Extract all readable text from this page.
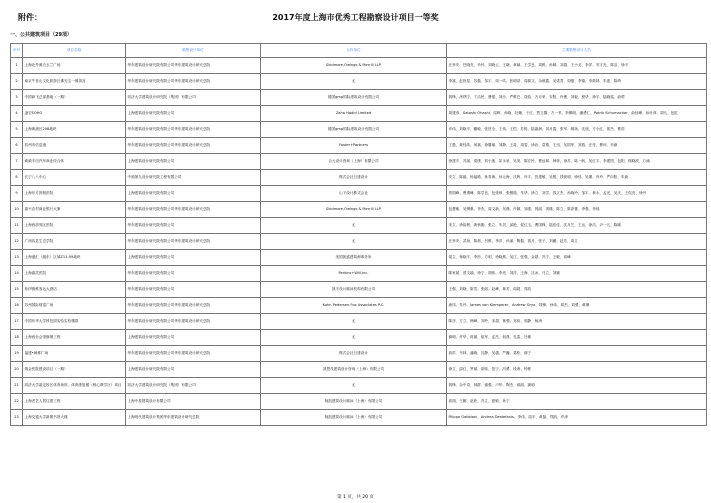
附件：	2017年度上海市优秀工程勘察设计项目一等奖
一、公共建筑项目（29项）
序号	项目名称	勘察设计单位	合作单位	主要勘察设计人员
1	上海北外滩白玉兰广场	华东建筑设计研究院有限公司华东建筑设计研究总院	Skidmore,Owings & Merrill LLP	汪孝安、任晓亮、肖怀、刘晓云、王晓、章赫、王学良、周锐、孙嫣、刘超、王小戈、李洋、安宇光、陈洁、徐平
2	南京牛首山文化旅游区佛光宝一佛顶宫	华东建筑设计研究院有限公司华东建筑设计研究总院	无	李斌、赵世星、苏磊、邹宇、周一鸣、张明泽、周源文、余琅霞、吴梁君、周强、李锦、李烁林、朱惠、陈绮
3	中国商飞总部基地（一期）	同济大学建筑设计研究院（集团）有限公司	德国gmp国际建筑设计有限公司	钱锋、汤朔宁、丁洁民、曹强、刘沙、严维巴、饶俭、万月荣、安阳、肖俊、刘毅、程华、徐平、陆晓铭、俞珺
4	凌空SOHO	上海建筑设计研究院有限公司	Zaha Hadid Limited	周建寿、Satoshi Ohashi、周晖、孙晓、杜姗、干红、贾文馨、方一苇、李佩明、潘勇仁、Patrik Schumacher、俞信峰、孙叶萍、胡凡、包肛
5	上海黄浦区208地块	华东建筑设计研究院有限公司华东建筑设计研究总院	德国gmp国际建筑设计有限公司	乔伟、刘晓平、戴敏、张贺全、王伟、王恺、苏锐、陆嘉润、刘月霞、张军、顾扬、沈迪、方小红、郭杰、曹浩
6	杭州市信息港	华东建筑设计研究院有限公司华东建筑设计研究总院	Foster+Partners	王愚、黄经纬、何斌、徐馨瑜、刘静、王奇、周雯、徐岩、袁骞、王迅、吴国华、刘燕、汪莹、曹珂、肖渐
7	威威丰田汽车商业综合体	上海建筑设计研究院有限公司	合元设计咨询（上海）有限公司	徐建平、苏丽、梁康、刘小迪、祁永泉、吴美、陈宏民、曹远林、韩菲、徐苏、陈一帆、吴红宇、李建国、包阳、顾晓波、万涌
8	长宁八八中心	中船第九设计研究院工程有限公司	株式会社日建设计	安立、陈毅、杨福路、孙青海、孙元海、沈晖、叶宇、贺建敏、吴骏、钱锐明、徐伟、吴瑾、肖玲、严向阳、朱新
9	上海东方肝胆医院	上海建筑设计研究院有限公司	山下设计株式会社	蔡国峰、曹勇峰、陈学良、包张炜、张锡瑞、朱华、徐立、刘学、钱文杰、孙晓玲、邹宇、黄永、孟光、吴庆、王侃亮、徐丹
10	嘉兴农村商业银行大厦	华东建筑设计研究院有限公司华东建筑设计研究总院	Skidmore,Owings & Merrill LLP	包慧敏、吴锡骐、李杰、周文新、吴鼎、许颖、邹强、郭丽、项瑾、陈立、陈泽蕾、李强、李纯
11	上海西部郊区医院	华东建筑设计研究院有限公司	无	宋立、徐韵晨、黄秋刚、张立、朱贝、邱艳、侯红玉、曹国锋、陆佳佳、沈月芝、王运、徐洁、尹一凡、陈刚
12	广西容县生态学院	华东建筑设计研究院有限公司华东建筑设计研究总院	无	汪孝安、武扬、陈晨、吕维、李洋、孙丽、陶磊、钱月、张子、刘鹏、赵芳、周立
13	上海港汇（潍东）区域Z11-09地块	上海建筑设计研究院有限公司	美国凯盛建筑师事务所	梁立、杨晓宇、李彤、方明、徐晓燕、吴江、张强、金超、冯宁、王敏、高峰
14	上海嘉武医院	华东建筑设计研究院有限公司	Perkins+Will,Inc.	陈家斌、曾文瑜、徐宁、胡伟、李亮、刘洋、王海、沈冰、马立、刘颖
15	松伊赛维客运大酒店	华东建筑设计研究院有限公司	凯宇设计顾问机构有限公司	王强、刘晓、陈雪、张丽、赵峰、林芳、周超、郑浩
16	苏州国际财富广场	华东建筑设计研究院有限公司华东建筑设计研究总院	Kohn Pedersen Fox Associates P.C.	唐玮、朱丹、James von Klemperer、Andrew Gryo、钱锋、孙伟、周杰、刘勇、黄琳
17	中国东华大学科技园实验实验楼群	华东建筑设计研究院有限公司华东建筑设计研究总院	无	陈彦、方立、韩峰、刘玲、宋超、林强、邓伟、郭静、杨涛
18	上海西台会馆修缮工程	上海建筑设计研究院有限公司	无	谢明、许华、蒋丽、崔军、孟杰、何燕、孔雷、吕敏
19	福建•闽都广场	华东建筑设计研究院有限公司华东建筑设计研究总院	株式会社日建设计	高洪、韦林、潘晓、沈静、吴越、严巍、葛松、薛宁
20	瑞金医院建设项目（一期）	上海建筑设计研究院有限公司	凯思茂建筑设计咨询（上海）有限公司	徐立、邵红、罗斌、胡伟、范宁、冯勇、段涛、钟彬
21	同济大学嘉定校区体育场馆、体育康复楼（核心教学区）项目	同济大学建筑设计研究院（集团）有限公司	无	钱锋、余中奇、林群、谢强、卢华、陶杰、蒋丽、龚明
22	上海老艺人居住建工程	上海中星建筑设计有限公司	柯凯建筑设计顾问（上海）有限公司	高翔、王鹏、赵欣、冯立、夏敏、孙宁
23	上海交通大学新图书馆大楼	上海现代建筑设计集团华东建筑设计研究总院	柯凯建筑设计顾问（上海）有限公司	Filippo Gabbiani、Andrea Destefanis、李伟、周平、黄磊、郑凯、许涛
第 1 页，共 20 页
